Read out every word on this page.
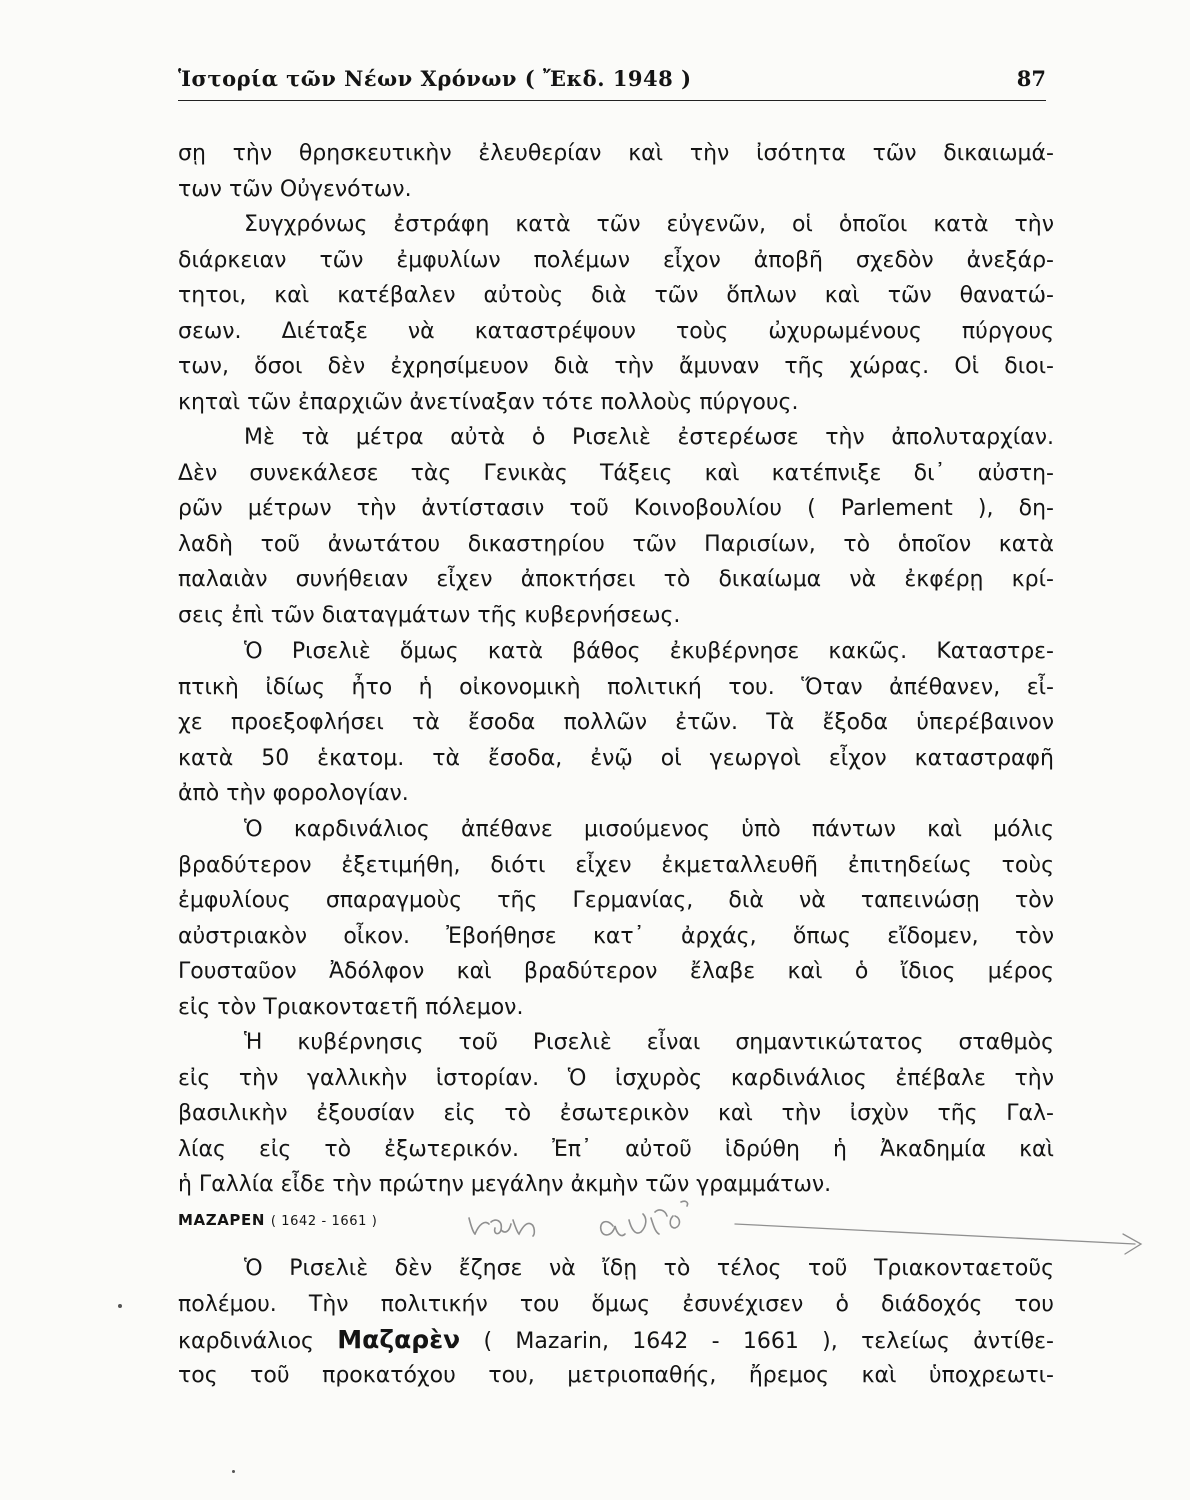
Ἱστορία τῶν Νέων Χρόνων ( Ἔκδ. 1948 )	87
σῃ τὴν θρησκευτικὴν ἐλευθερίαν καὶ τὴν ἰσότητα τῶν δικαιωμά-
των τῶν Οὐγενότων.
Συγχρόνως ἐστράφη κατὰ τῶν εὐγενῶν, οἱ ὁποῖοι κατὰ τὴν
διάρκειαν τῶν ἐμφυλίων πολέμων εἶχον ἀποβῆ σχεδὸν ἀνεξάρ-
τητοι, καὶ κατέβαλεν αὐτοὺς διὰ τῶν ὅπλων καὶ τῶν θανατώ-
σεων. Διέταξε νὰ καταστρέψουν τοὺς ὠχυρωμένους πύργους
των, ὅσοι δὲν ἐχρησίμευον διὰ τὴν ἄμυναν τῆς χώρας. Οἱ διοι-
κηταὶ τῶν ἐπαρχιῶν ἀνετίναξαν τότε πολλοὺς πύργους.
Μὲ τὰ μέτρα αὐτὰ ὁ Ρισελιὲ ἐστερέωσε τὴν ἀπολυταρχίαν.
Δὲν συνεκάλεσε τὰς Γενικὰς Τάξεις καὶ κατέπνιξε δι᾽ αὐστη-
ρῶν μέτρων τὴν ἀντίστασιν τοῦ Κοινοβουλίου ( Parlement ), δη-
λαδὴ τοῦ ἀνωτάτου δικαστηρίου τῶν Παρισίων, τὸ ὁποῖον κατὰ
παλαιὰν συνήθειαν εἶχεν ἀποκτήσει τὸ δικαίωμα νὰ ἐκφέρῃ κρί-
σεις ἐπὶ τῶν διαταγμάτων τῆς κυβερνήσεως.
Ὁ Ρισελιὲ ὅμως κατὰ βάθος ἐκυβέρνησε κακῶς. Καταστρε-
πτικὴ ἰδίως ἦτο ἡ οἰκονομικὴ πολιτική του. Ὅταν ἀπέθανεν, εἶ-
χε προεξοφλήσει τὰ ἔσοδα πολλῶν ἐτῶν. Τὰ ἔξοδα ὑπερέβαινον
κατὰ 50 ἑκατομ. τὰ ἔσοδα, ἐνῷ οἱ γεωργοὶ εἶχον καταστραφῆ
ἀπὸ τὴν φορολογίαν.
Ὁ καρδινάλιος ἀπέθανε μισούμενος ὑπὸ πάντων καὶ μόλις
βραδύτερον ἐξετιμήθη, διότι εἶχεν ἐκμεταλλευθῆ ἐπιτηδείως τοὺς
ἐμφυλίους σπαραγμοὺς τῆς Γερμανίας, διὰ νὰ ταπεινώσῃ τὸν
αὐστριακὸν οἶκον. Ἐβοήθησε κατ᾽ ἀρχάς, ὅπως εἴδομεν, τὸν
Γουσταῦον Ἀδόλφον καὶ βραδύτερον ἔλαβε καὶ ὁ ἴδιος μέρος
εἰς τὸν Τριακονταετῆ πόλεμον.
Ἡ κυβέρνησις τοῦ Ρισελιὲ εἶναι σημαντικώτατος σταθμὸς
εἰς τὴν γαλλικὴν ἱστορίαν. Ὁ ἰσχυρὸς καρδινάλιος ἐπέβαλε τὴν
βασιλικὴν ἐξουσίαν εἰς τὸ ἐσωτερικὸν καὶ τὴν ἰσχὺν τῆς Γαλ-
λίας εἰς τὸ ἐξωτερικόν. Ἐπ᾽ αὐτοῦ ἱδρύθη ἡ Ἀκαδημία καὶ
ἡ Γαλλία εἶδε τὴν πρώτην μεγάλην ἀκμὴν τῶν γραμμάτων.
ΜΑΖΑΡΕΝ ( 1642 - 1661 )
Ὁ Ρισελιὲ δὲν ἔζησε νὰ ἴδῃ τὸ τέλος τοῦ Τριακονταετοῦς
πολέμου. Τὴν πολιτικήν του ὅμως ἐσυνέχισεν ὁ διάδοχός του
καρδινάλιος Μαζαρὲν ( Mazarin, 1642 - 1661 ), τελείως ἀντίθε-
τος τοῦ προκατόχου του, μετριοπαθής, ἤρεμος καὶ ὑποχρεωτι-
